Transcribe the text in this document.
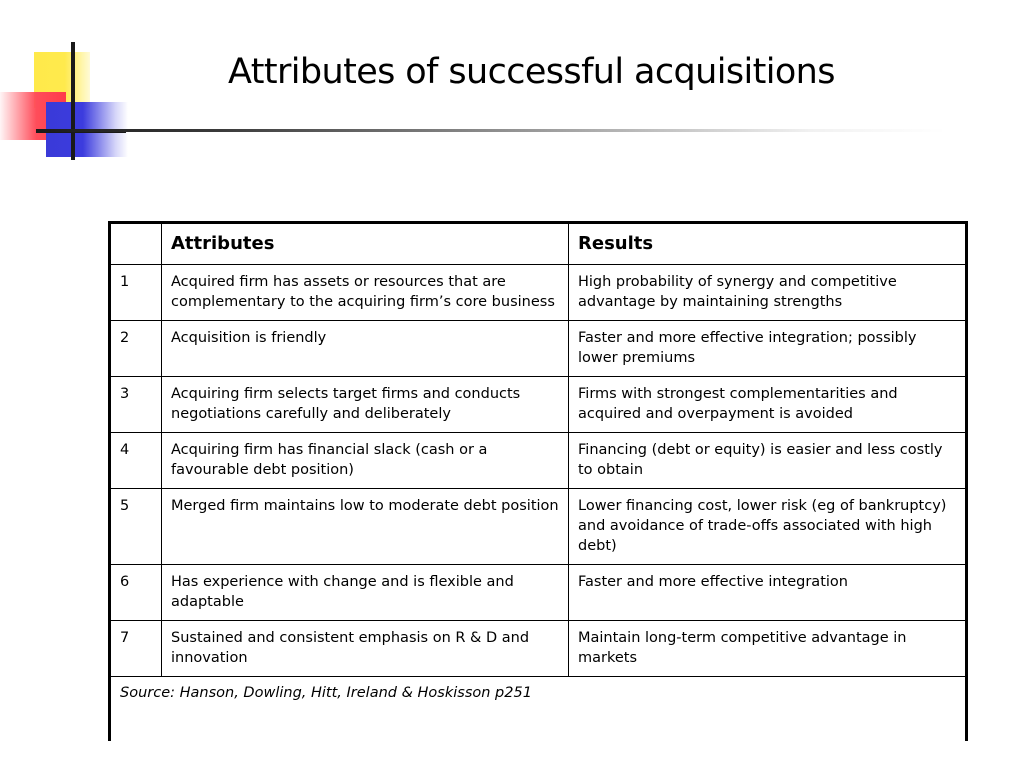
Attributes of successful acquisitions
	Attributes	Results
1	Acquired firm has assets or resources that are complementary to the acquiring firm’s core business	High probability of synergy and competitive advantage by maintaining strengths
2	Acquisition is friendly	Faster and more effective integration; possibly lower premiums
3	Acquiring firm selects target firms and conducts negotiations carefully and deliberately	Firms with strongest complementarities and acquired and overpayment is avoided
4	Acquiring firm has financial slack (cash or a favourable debt position)	Financing (debt or equity) is easier and less costly to obtain
5	Merged firm maintains low to moderate debt position	Lower financing cost, lower risk (eg of bankruptcy) and avoidance of trade-offs associated with high debt)
6	Has experience with change and is flexible and adaptable	Faster and more effective integration
7	Sustained and consistent emphasis on R & D and innovation	Maintain long-term competitive advantage in markets
Source: Hanson, Dowling, Hitt, Ireland & Hoskisson p251		
